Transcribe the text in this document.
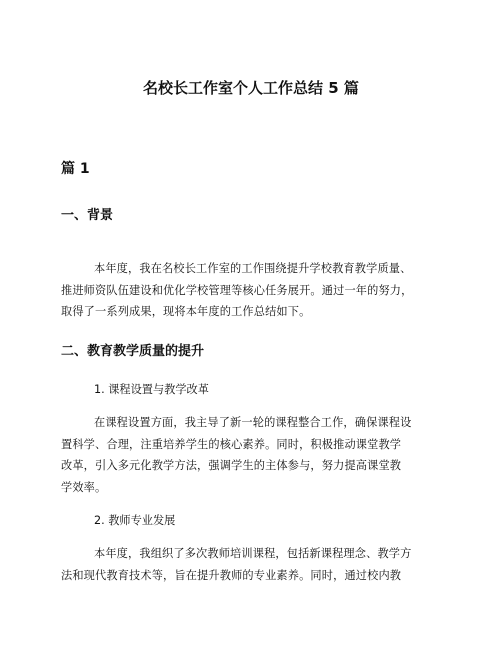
名校长工作室个人工作总结 5 篇
篇 1
一、背景

本年度，我在名校长工作室的工作围绕提升学校教育教学质量、
推进师资队伍建设和优化学校管理等核心任务展开。通过一年的努力，
取得了一系列成果，现将本年度的工作总结如下。

二、教育教学质量的提升

1. 课程设置与教学改革

在课程设置方面，我主导了新一轮的课程整合工作，确保课程设
置科学、合理，注重培养学生的核心素养。同时，积极推动课堂教学
改革，引入多元化教学方法，强调学生的主体参与，努力提高课堂教
学效率。

2. 教师专业发展

本年度，我组织了多次教师培训课程，包括新课程理念、教学方
法和现代教育技术等，旨在提升教师的专业素养。同时，通过校内教
